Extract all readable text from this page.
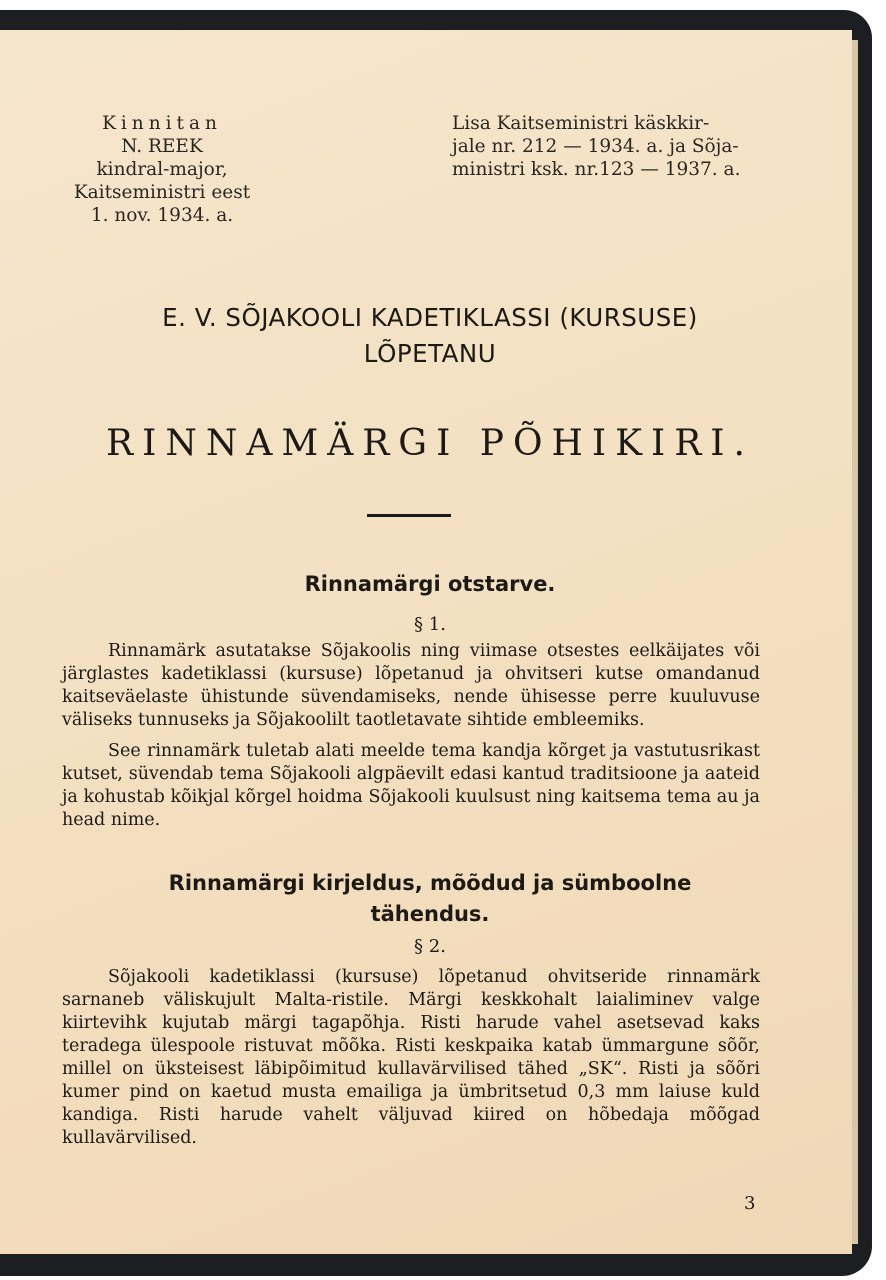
Kinnitan
N. REEK
kindral-major,
Kaitseministri eest
1. nov. 1934. a.
Lisa Kaitseministri käskkir-
jale nr. 212 — 1934. a. ja Sõja-
ministri ksk. nr.123 — 1937. a.
E. V. SÕJAKOOLI KADETIKLASSI (KURSUSE)
LÕPETANU
RINNAMÄRGI PÕHIKIRI.
Rinnamärgi otstarve.
§ 1.

Rinnamärk asutatakse Sõjakoolis ning viimase otsestes eelkäijates või järglastes kadetiklassi (kursuse) lõpetanud ja ohvitseri kutse omandanud kaitseväelaste ühistunde süvendamiseks, nende ühisesse perre kuuluvuse väliseks tunnuseks ja Sõjakoolilt taotletavate sihtide embleemiks.

See rinnamärk tuletab alati meelde tema kandja kõrget ja vastutusrikast kutset, süvendab tema Sõjakooli algpäevilt edasi kantud traditsioone ja aateid ja kohustab kõikjal kõrgel hoidma Sõjakooli kuulsust ning kaitsema tema au ja head nime.

Rinnamärgi kirjeldus, mõõdud ja sümboolne
tähendus.
§ 2.

Sõjakooli kadetiklassi (kursuse) lõpetanud ohvitseride rinnamärk sarnaneb väliskujult Malta-ristile. Märgi keskkohalt laialiminev valge kiirtevihk kujutab märgi tagapõhja. Risti harude vahel asetsevad kaks teradega ülespoole ristuvat mõõka. Risti keskpaika katab ümmargune sõõr, millel on üksteisest läbipõimitud kullavärvilised tähed „SK“. Risti ja sõõri kumer pind on kaetud musta emailiga ja ümbritsetud 0,3 mm laiuse kuld kandiga. Risti harude vahelt väljuvad kiired on hõbedaja mõõgad kullavärvilised.

3
